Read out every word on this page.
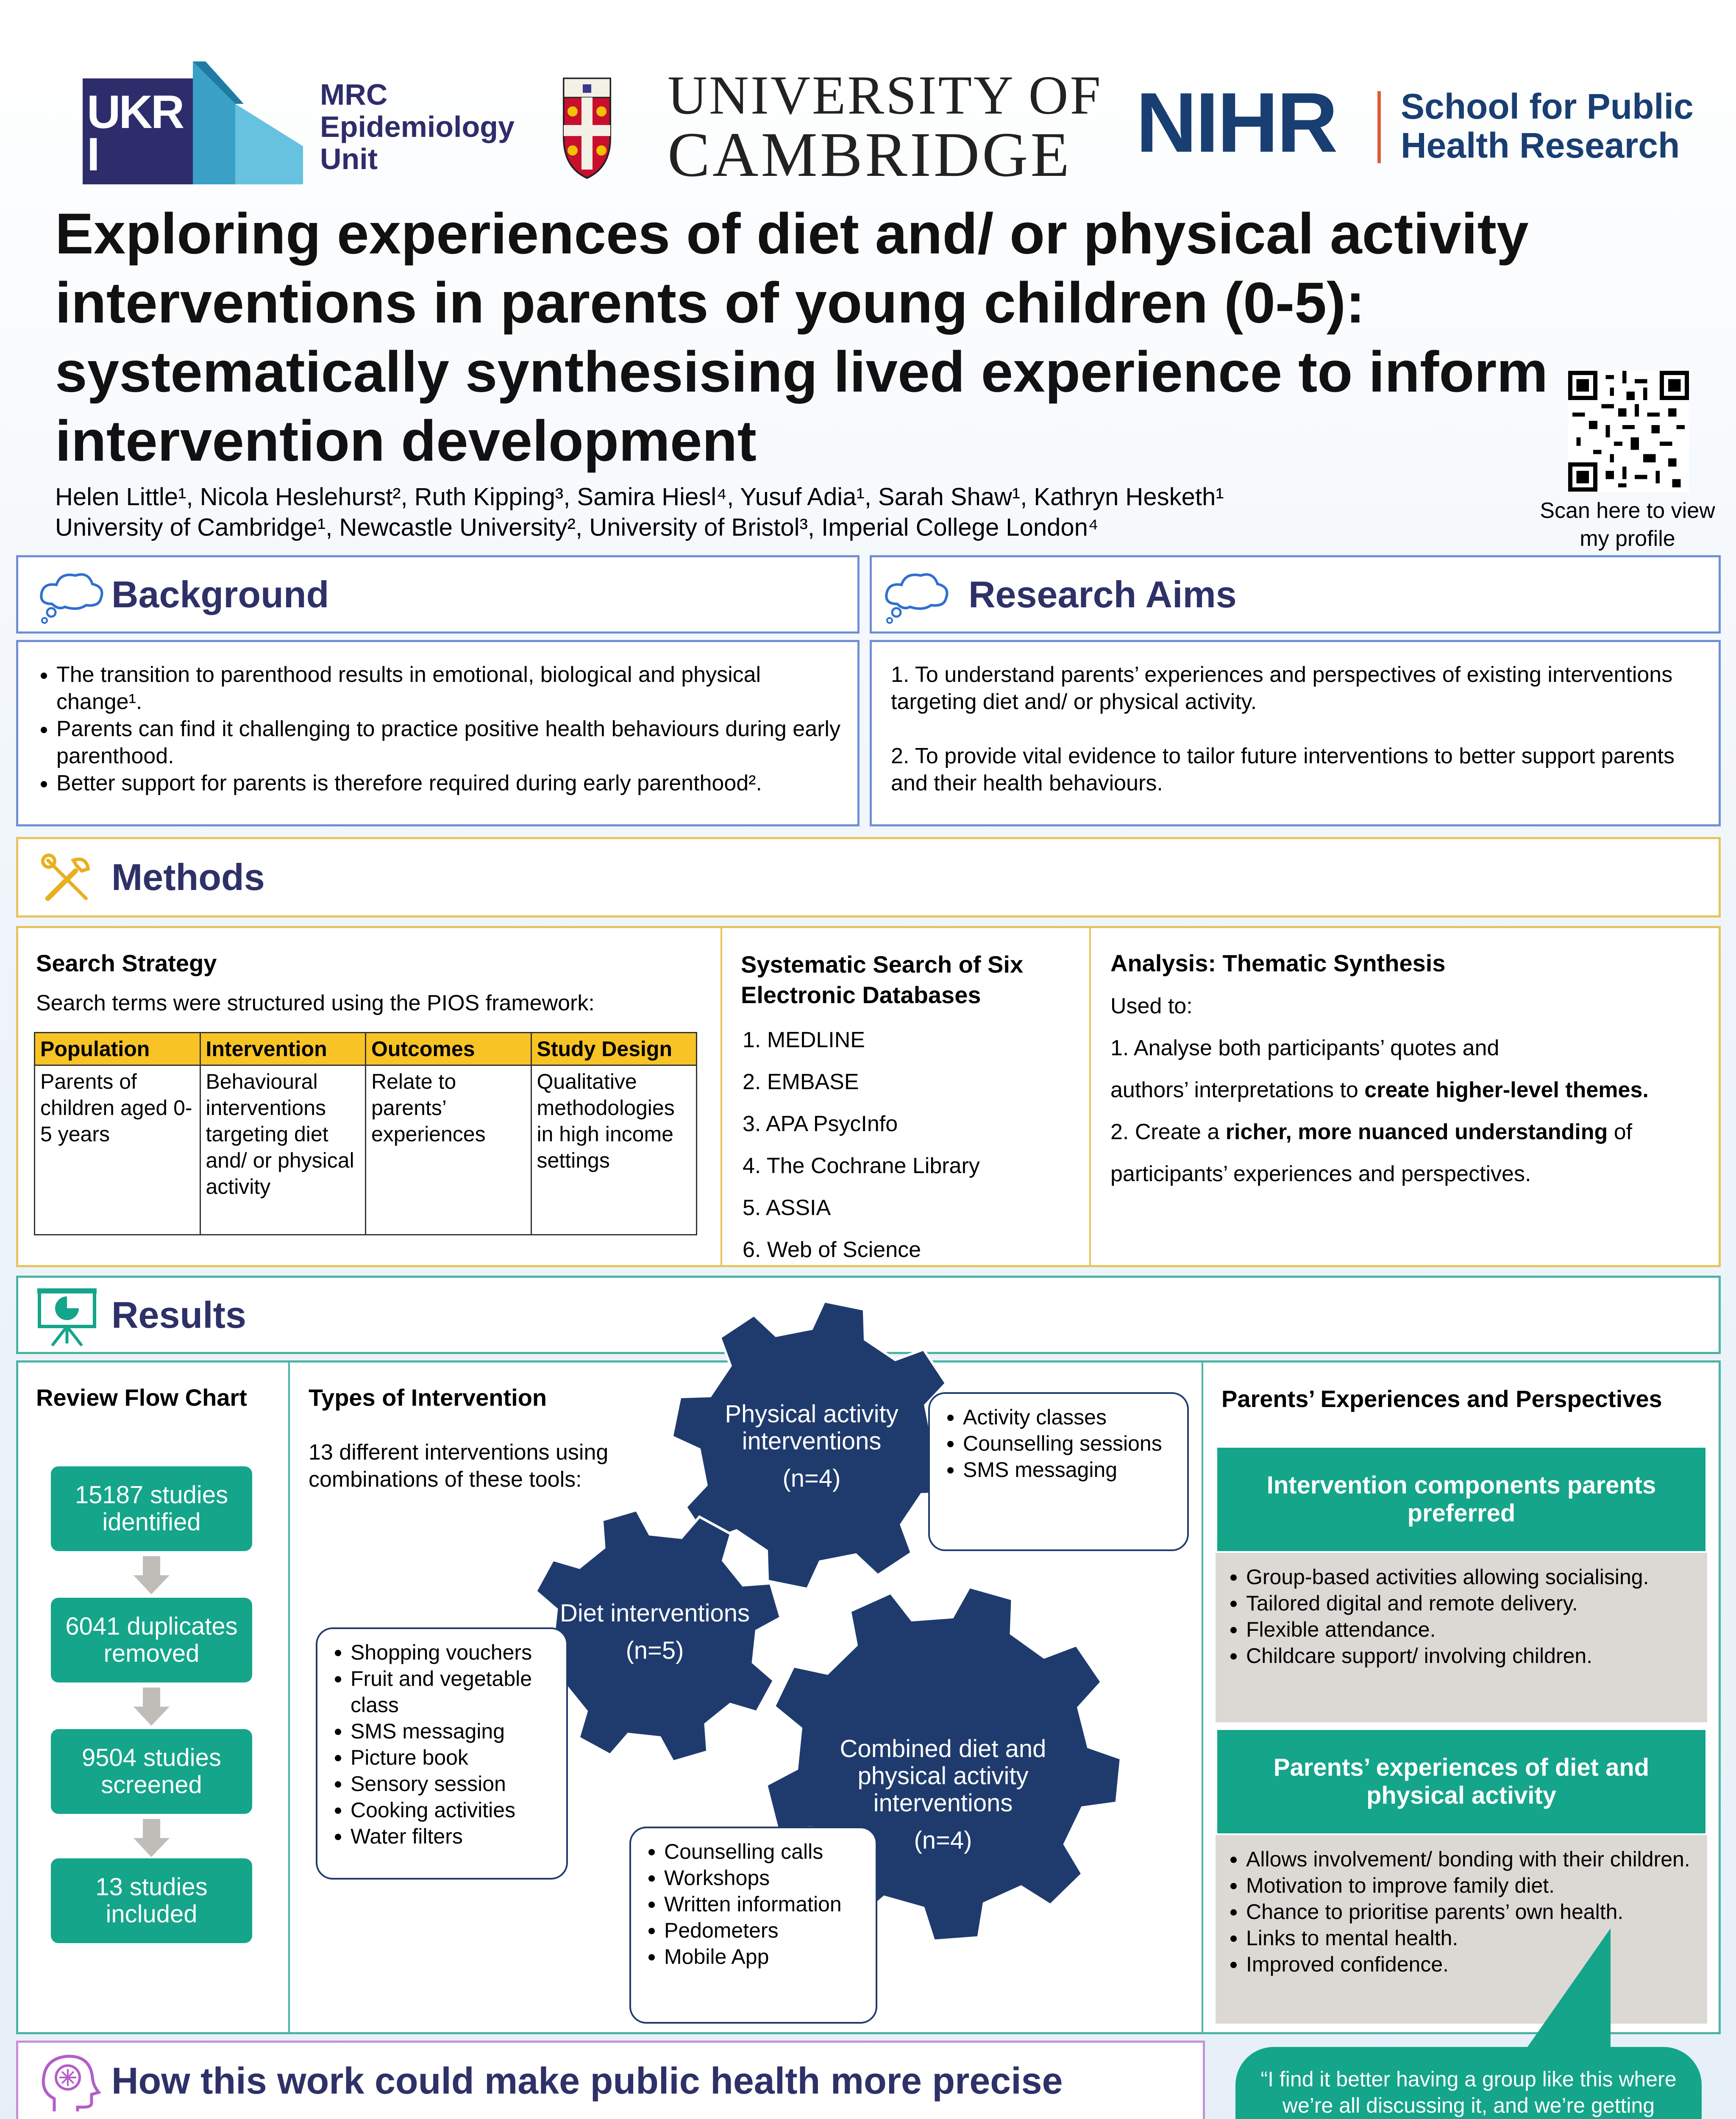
UKRI
MRC
Epidemiology
Unit
UNIVERSITY OF
CAMBRIDGE NIHR School for Public
Health Research
Exploring experiences of diet and/ or physical activity
interventions in parents of young children (0-5):
systematically synthesising lived experience to inform
intervention development
Helen Little¹, Nicola Heslehurst², Ruth Kipping³, Samira Hiesl⁴, Yusuf Adia¹, Sarah Shaw¹, Kathryn Hesketh¹
University of Cambridge¹, Newcastle University², University of Bristol³, Imperial College London⁴
Scan here to view
my profile
Background	Research Aims
• The transition to parenthood results in emotional, biological and physical change¹.
• Parents can find it challenging to practice positive health behaviours during early parenthood.
• Better support for parents is therefore required during early parenthood².
1. To understand parents’ experiences and perspectives of existing interventions targeting diet and/ or physical activity.
2. To provide vital evidence to tailor future interventions to better support parents and their health behaviours.
Methods
Search Strategy
Search terms were structured using the PIOS framework:
Population	Intervention	Outcomes	Study Design
Parents of children aged 0-5 years	Behavioural interventions targeting diet and/ or physical activity	Relate to parents’ experiences	Qualitative methodologies in high income settings
Systematic Search of Six
Electronic Databases
1. MEDLINE
2. EMBASE
3. APA PsycInfo
4. The Cochrane Library
5. ASSIA
6. Web of Science
Analysis: Thematic Synthesis
Used to:
1. Analyse both participants’ quotes and
authors’ interpretations to create higher-level themes.
2. Create a richer, more nuanced understanding of
participants’ experiences and perspectives.
Results
Review Flow Chart
15187 studies identified
6041 duplicates removed
9504 studies screened
13 studies included
Types of Intervention
13 different interventions using combinations of these tools:
Physical activity interventions
(n=4)
Diet interventions
(n=5)
Combined diet and physical activity interventions
(n=4)
• Activity classes
• Counselling sessions
• SMS messaging
• Shopping vouchers
• Fruit and vegetable class
• SMS messaging
• Picture book
• Sensory session
• Cooking activities
• Water filters
• Counselling calls
• Workshops
• Written information
• Pedometers
• Mobile App
Parents’ Experiences and Perspectives
Intervention components parents preferred
• Group-based activities allowing socialising.
• Tailored digital and remote delivery.
• Flexible attendance.
• Childcare support/ involving children.
Parents’ experiences of diet and physical activity
• Allows involvement/ bonding with their children.
• Motivation to improve family diet.
• Chance to prioritise parents’ own health.
• Links to mental health.
• Improved confidence.
How this work could make public health more precise	“I find it better having a group like this where we’re all discussing it, and we’re getting
